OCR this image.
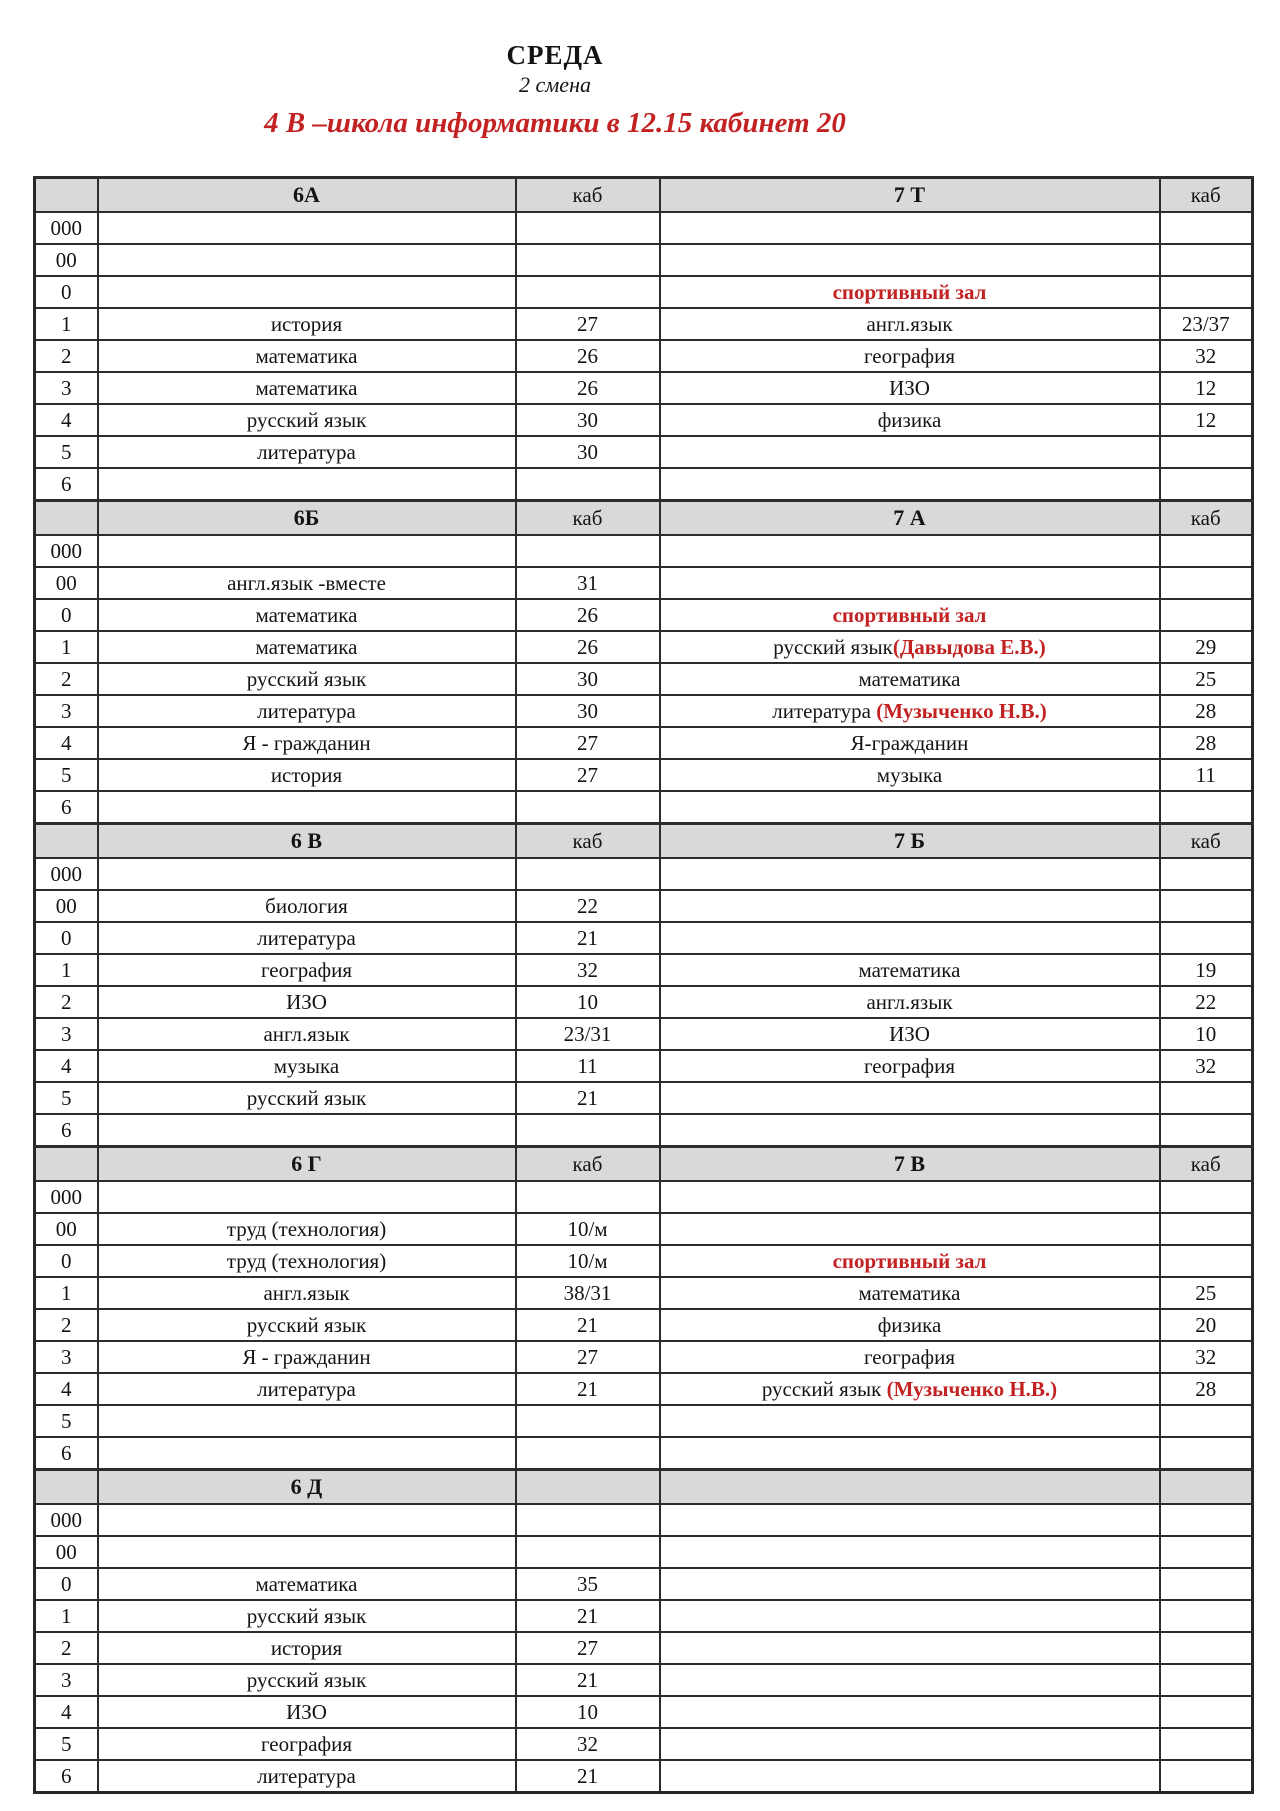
СРЕДА
2 смена
4 В –школа информатики в 12.15 кабинет 20
	6А	каб	7 Т	каб
000				
00				
0			спортивный зал	
1	история	27	англ.язык	23/37
2	математика	26	география	32
3	математика	26	ИЗО	12
4	русский язык	30	физика	12
5	литература	30		
6				
	6Б	каб	7 А	каб
000				
00	англ.язык -вместе	31		
0	математика	26	спортивный зал	
1	математика	26	русский язык(Давыдова Е.В.)	29
2	русский язык	30	математика	25
3	литература	30	литература (Музыченко Н.В.)	28
4	Я - гражданин	27	Я-гражданин	28
5	история	27	музыка	11
6				
	6 В	каб	7 Б	каб
000				
00	биология	22		
0	литература	21		
1	география	32	математика	19
2	ИЗО	10	англ.язык	22
3	англ.язык	23/31	ИЗО	10
4	музыка	11	география	32
5	русский язык	21		
6				
	6 Г	каб	7 В	каб
000				
00	труд (технология)	10/м		
0	труд (технология)	10/м	спортивный зал	
1	англ.язык	38/31	математика	25
2	русский язык	21	физика	20
3	Я - гражданин	27	география	32
4	литература	21	русский язык (Музыченко Н.В.)	28
5				
6				
	6 Д			
000				
00				
0	математика	35		
1	русский язык	21		
2	история	27		
3	русский язык	21		
4	ИЗО	10		
5	география	32		
6	литература	21		
